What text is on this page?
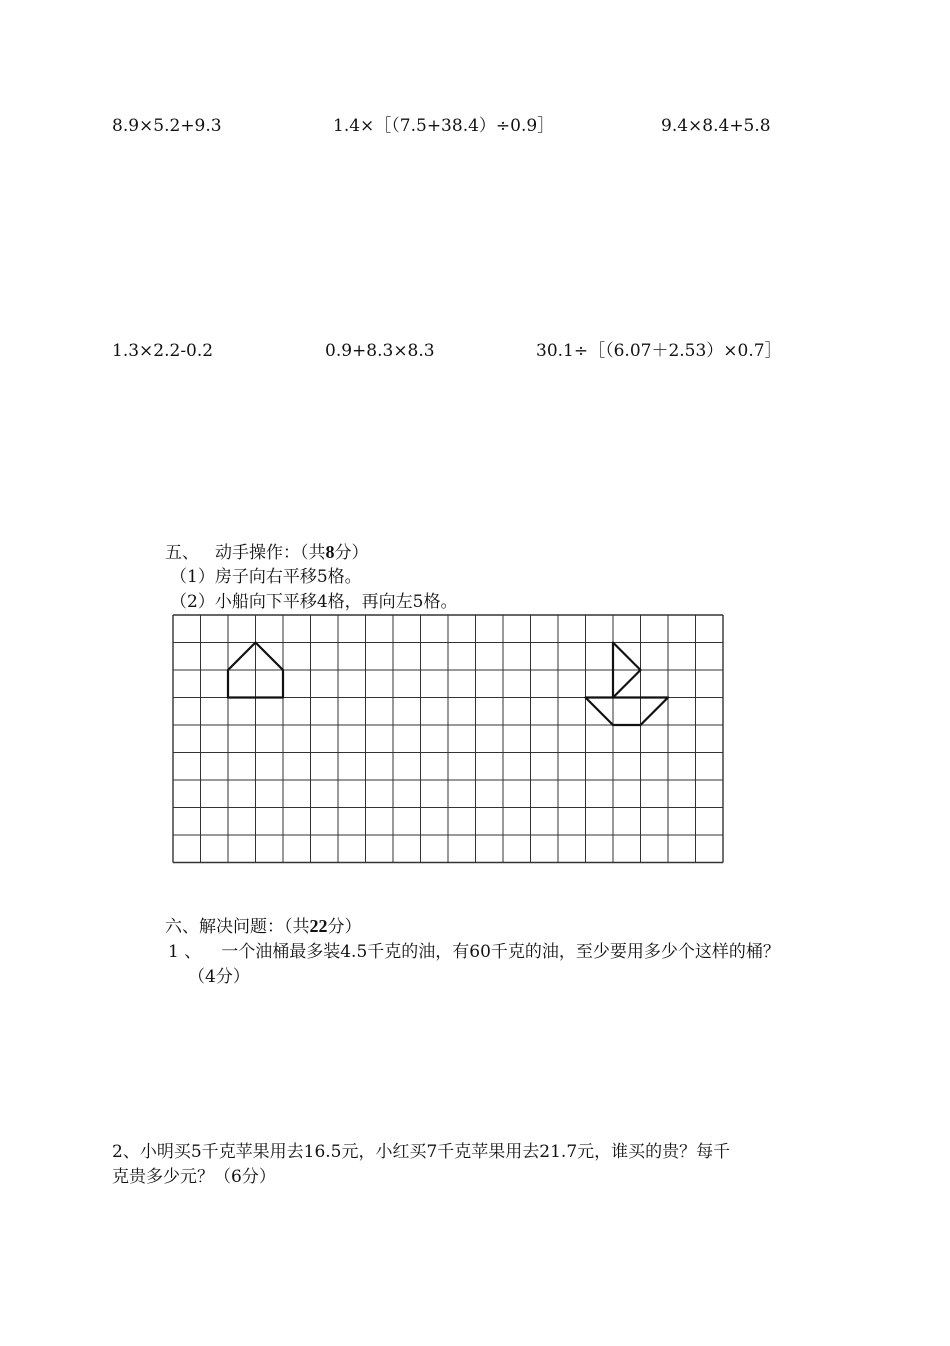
8.9×5.2+9.3	1.4×［（7.5+38.4）÷0.9］	9.4×8.4+5.8
1.3×2.2-0.2	0.9+8.3×8.3	30.1÷［（6.07＋2.53）×0.7］
五、 动手操作：（共8分）
（1）房子向右平移5格。
（2）小船向下平移4格，再向左5格。
六、解决问题：（共22分）
1 、 一个油桶最多装4.5千克的油，有60千克的油，至少要用多少个这样的桶？
（4分）
2、小明买5千克苹果用去16.5元，小红买7千克苹果用去21.7元，谁买的贵？每千
克贵多少元？（6分）
